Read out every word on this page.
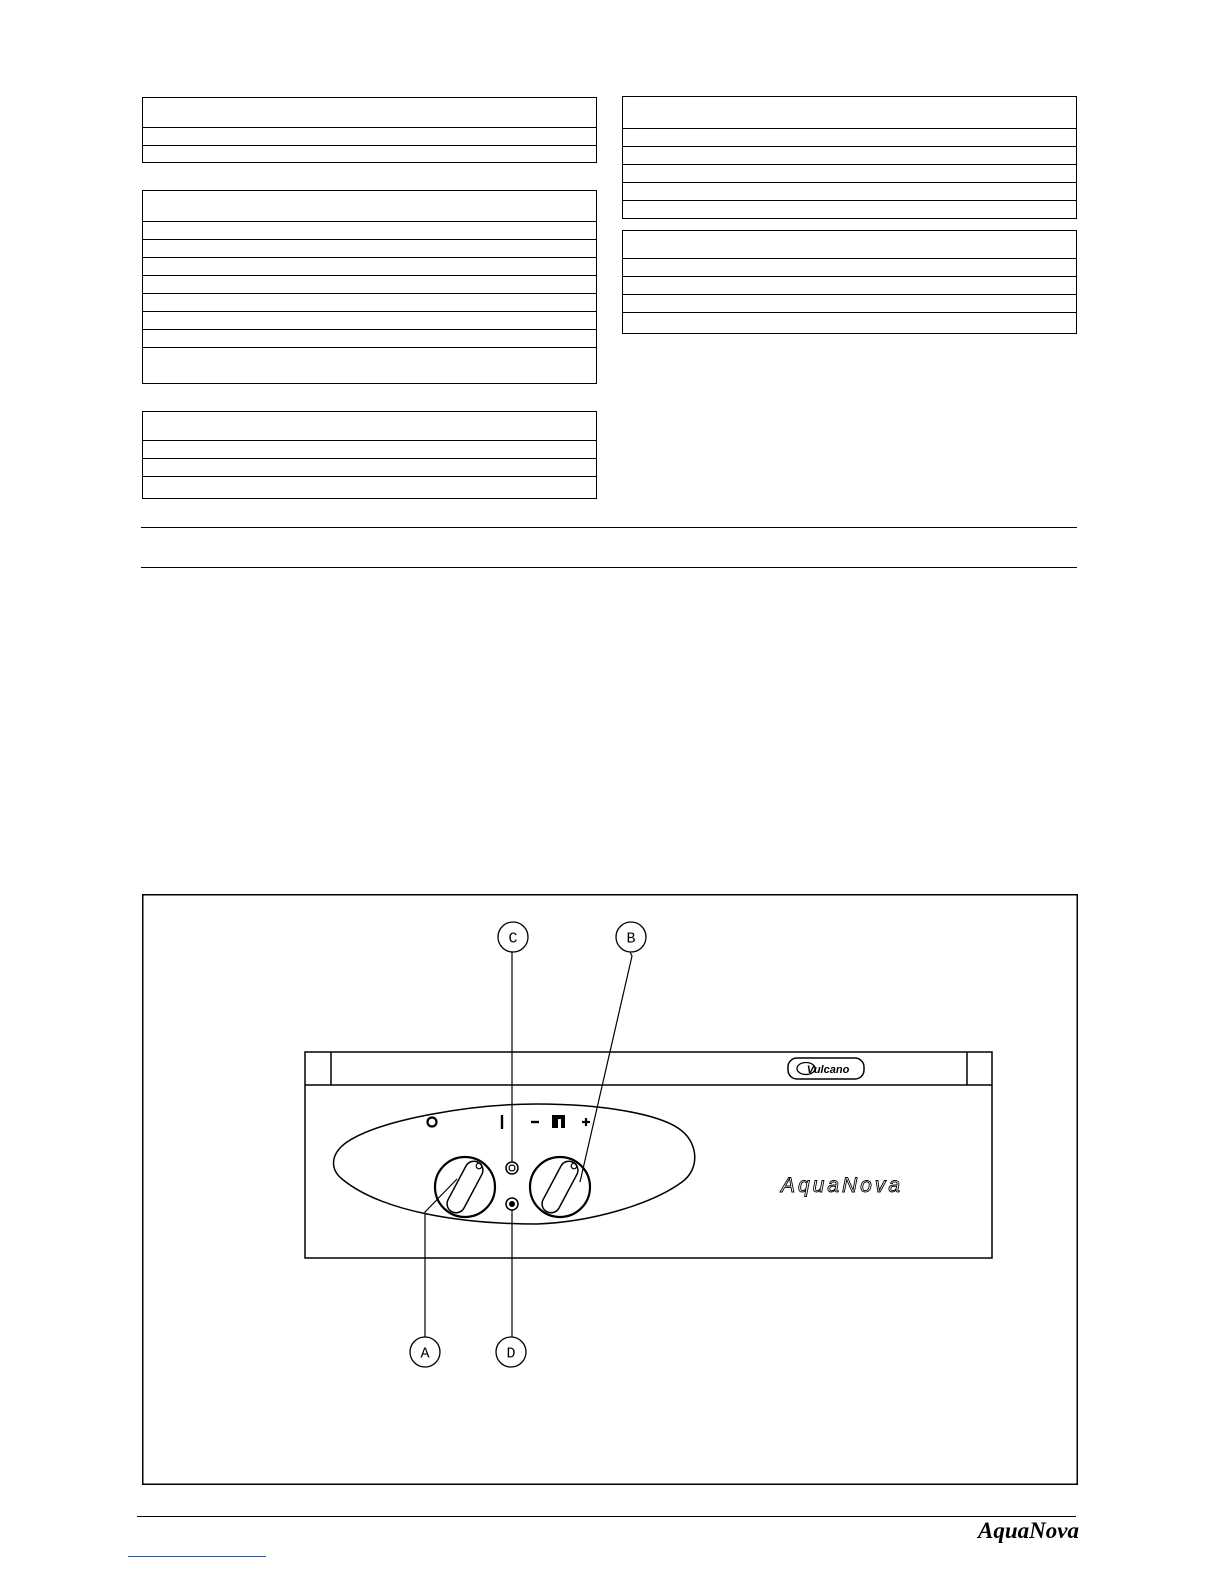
Vulcano
AquaNova
C	B
A	D
AquaNova
